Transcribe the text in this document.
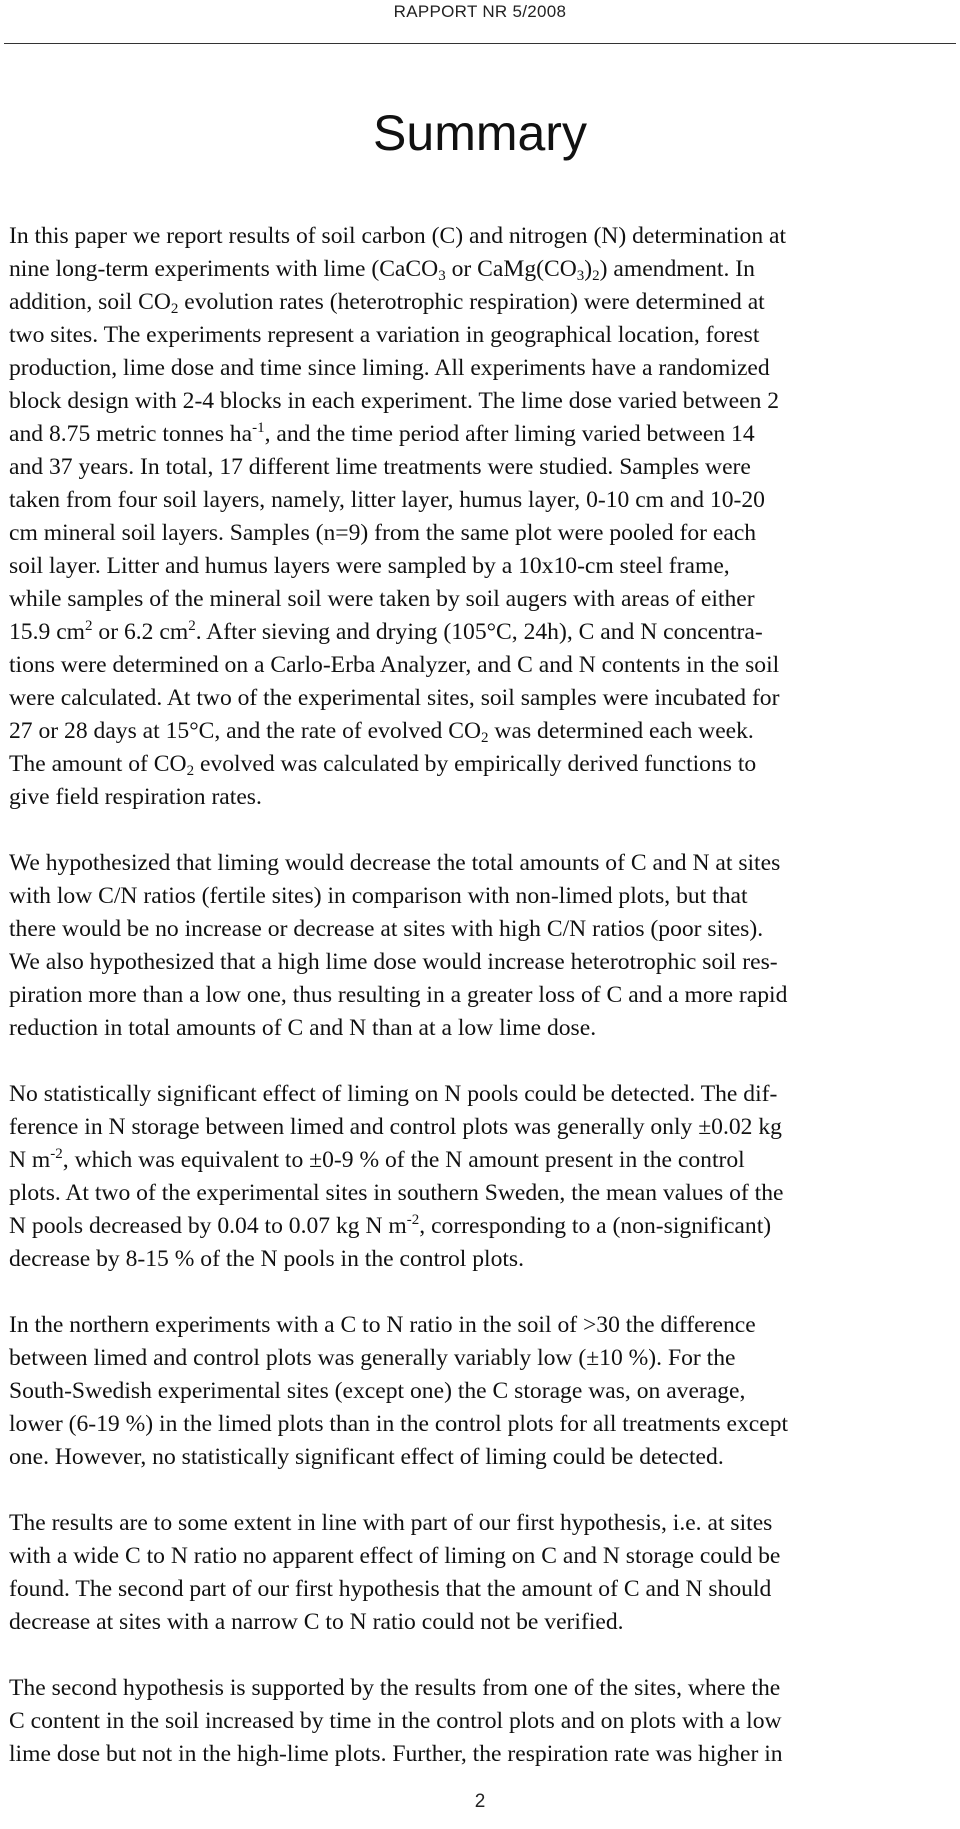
RAPPORT NR 5/2008
Summary

In this paper we report results of soil carbon (C) and nitrogen (N) determination at
nine long-term experiments with lime (CaCO$_3$ or $CaMg(CO_3)_2$) amendment. In
addition, soil $CO_2$ evolution rates (heterotrophic respiration) were determined at
two sites. The experiments represent a variation in geographical location, forest
production, lime dose and time since liming. All experiments have a randomized
block design with 2-4 blocks in each experiment. The lime dose varied between 2
and 8.75 metric tonnes $ha^{-1}$, and the time period after liming varied between 14
and 37 years. In total, 17 different lime treatments were studied. Samples were
taken from four soil layers, namely, litter layer, humus layer, 0-10 cm and 10-20
cm mineral soil layers. Samples (n=9) from the same plot were pooled for each
soil layer. Litter and humus layers were sampled by a 10x10-cm steel frame,
while samples of the mineral soil were taken by soil augers with areas of either
15.9 $cm^2$ or 6.2 $cm^2$. After sieving and drying (105°C, 24h), C and N concentra-
tions were determined on a Carlo-Erba Analyzer, and C and N contents in the soil
were calculated. At two of the experimental sites, soil samples were incubated for
27 or 28 days at 15°C, and the rate of evolved $CO_2$ was determined each week.
The amount of $CO_2$ evolved was calculated by empirically derived functions to
give field respiration rates.

We hypothesized that liming would decrease the total amounts of C and N at sites
with low C/N ratios (fertile sites) in comparison with non-limed plots, but that
there would be no increase or decrease at sites with high C/N ratios (poor sites).
We also hypothesized that a high lime dose would increase heterotrophic soil res-
piration more than a low one, thus resulting in a greater loss of C and a more rapid
reduction in total amounts of C and N than at a low lime dose.

No statistically significant effect of liming on N pools could be detected. The dif-
ference in N storage between limed and control plots was generally only ±0.02 kg
N $m^{-2}$, which was equivalent to ±0-9 % of the N amount present in the control
plots. At two of the experimental sites in southern Sweden, the mean values of the
N pools decreased by 0.04 to 0.07 kg N $m^{-2}$, corresponding to a (non-significant)
decrease by 8-15 % of the N pools in the control plots.

In the northern experiments with a C to N ratio in the soil of >30 the difference
between limed and control plots was generally variably low (±10 %). For the
South-Swedish experimental sites (except one) the C storage was, on average,
lower (6-19 %) in the limed plots than in the control plots for all treatments except
one. However, no statistically significant effect of liming could be detected.

The results are to some extent in line with part of our first hypothesis, i.e. at sites
with a wide C to N ratio no apparent effect of liming on C and N storage could be
found. The second part of our first hypothesis that the amount of C and N should
decrease at sites with a narrow C to N ratio could not be verified.

The second hypothesis is supported by the results from one of the sites, where the
C content in the soil increased by time in the control plots and on plots with a low
lime dose but not in the high-lime plots. Further, the respiration rate was higher in

2
